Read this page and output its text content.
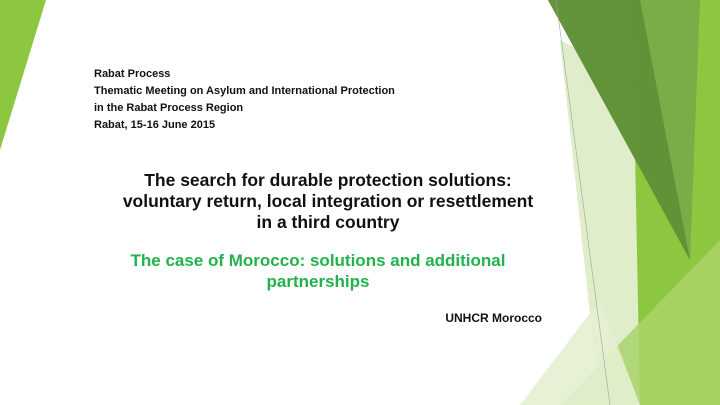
Rabat Process
Thematic Meeting on Asylum and International Protection
in the Rabat Process Region
Rabat, 15-16 June 2015
The search for durable protection solutions:
voluntary return, local integration or resettlement
in a third country
The case of Morocco: solutions and additional
partnerships
UNHCR Morocco
